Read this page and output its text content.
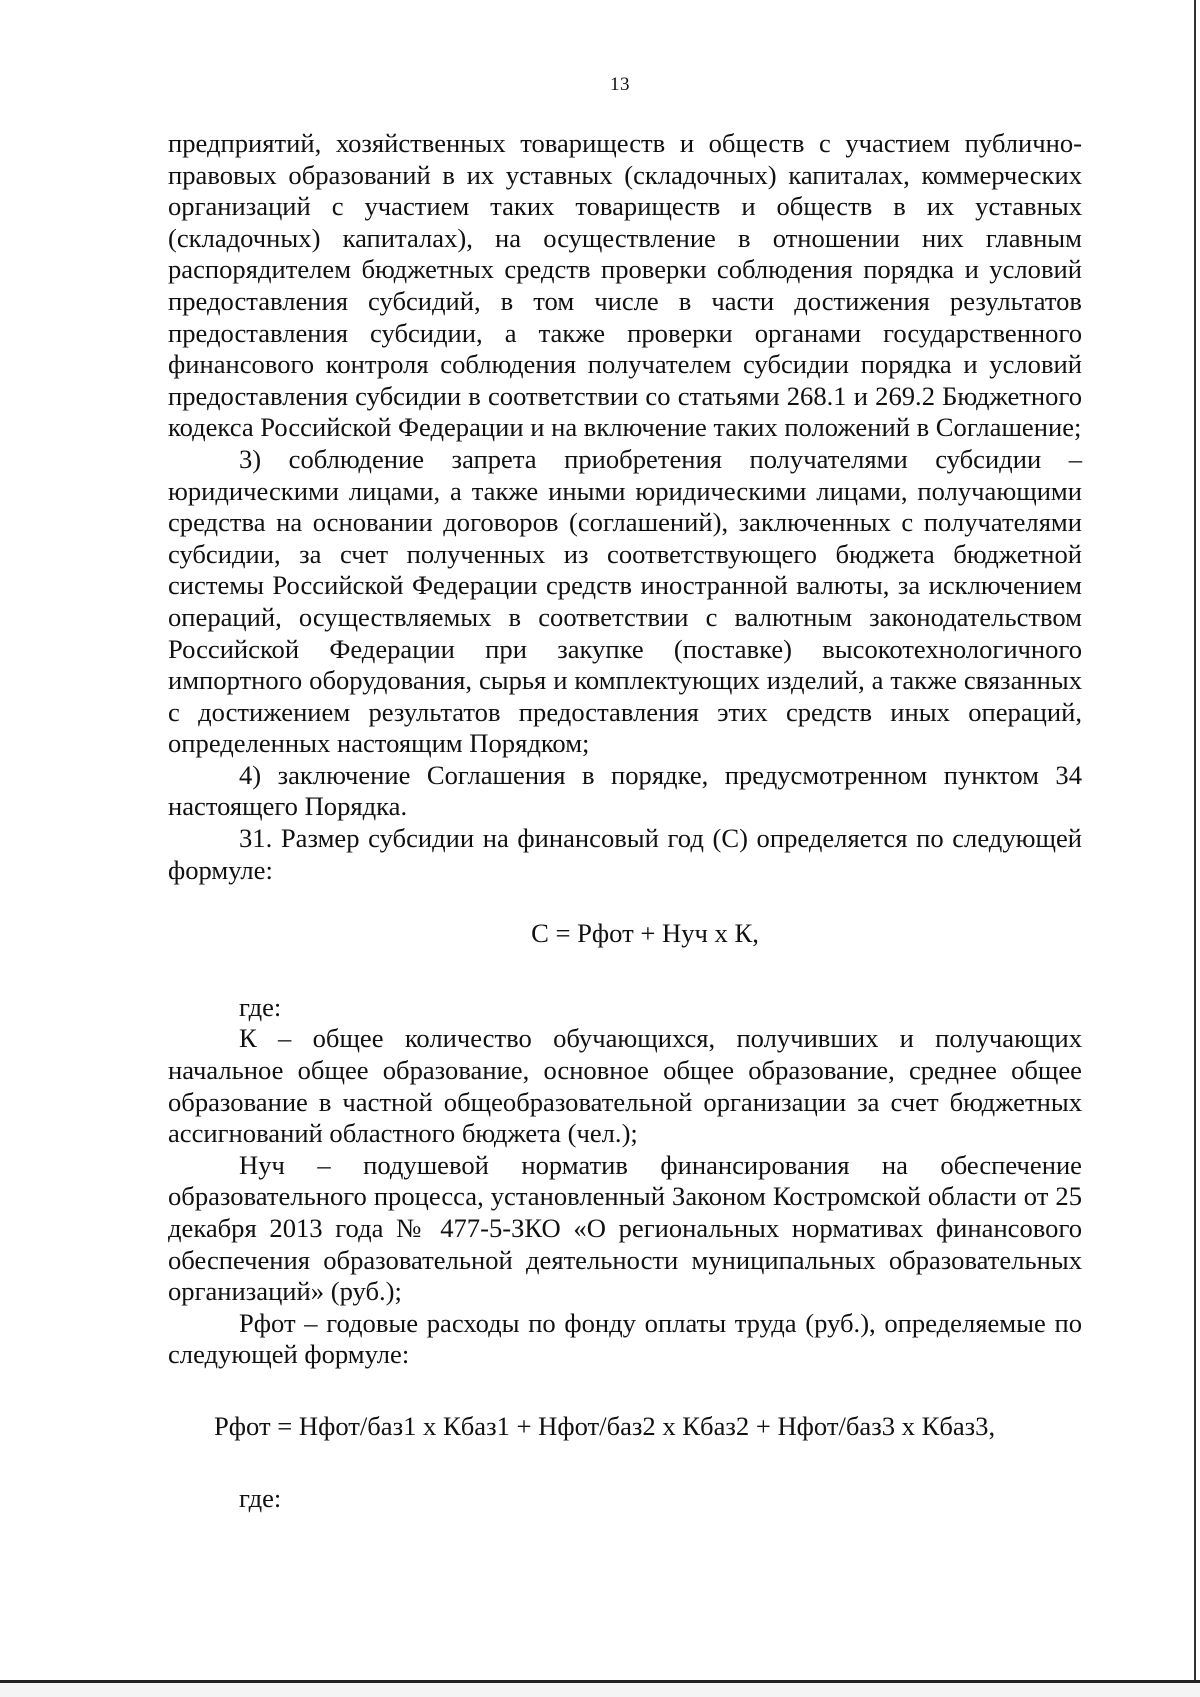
13

предприятий, хозяйственных товариществ и обществ с участием публично-правовых образований в их уставных (складочных) капиталах, коммерческих организаций с участием таких товариществ и обществ в их уставных (складочных) капиталах), на осуществление в отношении них главным распорядителем бюджетных средств проверки соблюдения порядка и условий предоставления субсидий, в том числе в части достижения результатов предоставления субсидии, а также проверки органами государственного финансового контроля соблюдения получателем субсидии порядка и условий предоставления субсидии в соответствии со статьями 268.1 и 269.2 Бюджетного кодекса Российской Федерации и на включение таких положений в Соглашение;

3) соблюдение запрета приобретения получателями субсидии – юридическими лицами, а также иными юридическими лицами, получающими средства на основании договоров (соглашений), заключенных с получателями субсидии, за счет полученных из соответствующего бюджета бюджетной системы Российской Федерации средств иностранной валюты, за исключением операций, осуществляемых в соответствии с валютным законодательством Российской Федерации при закупке (поставке) высокотехнологичного импортного оборудования, сырья и комплектующих изделий, а также связанных с достижением результатов предоставления этих средств иных операций, определенных настоящим Порядком;

4) заключение Соглашения в порядке, предусмотренном пунктом 34 настоящего Порядка.

31. Размер субсидии на финансовый год (С) определяется по следующей формуле:

С = Рфот + Нуч х К,

где:

К – общее количество обучающихся, получивших и получающих начальное общее образование, основное общее образование, среднее общее образование в частной общеобразовательной организации за счет бюджетных ассигнований областного бюджета (чел.);

Нуч – подушевой норматив финансирования на обеспечение образовательного процесса, установленный Законом Костромской области от 25 декабря 2013 года № 477-5-ЗКО «О региональных нормативах финансового обеспечения образовательной деятельности муниципальных образовательных организаций» (руб.);

Рфот – годовые расходы по фонду оплаты труда (руб.), определяемые по следующей формуле:

Рфот = Нфот/баз1 х Кбаз1 + Нфот/баз2 х Кбаз2 + Нфот/баз3 х Кбаз3,

где:
